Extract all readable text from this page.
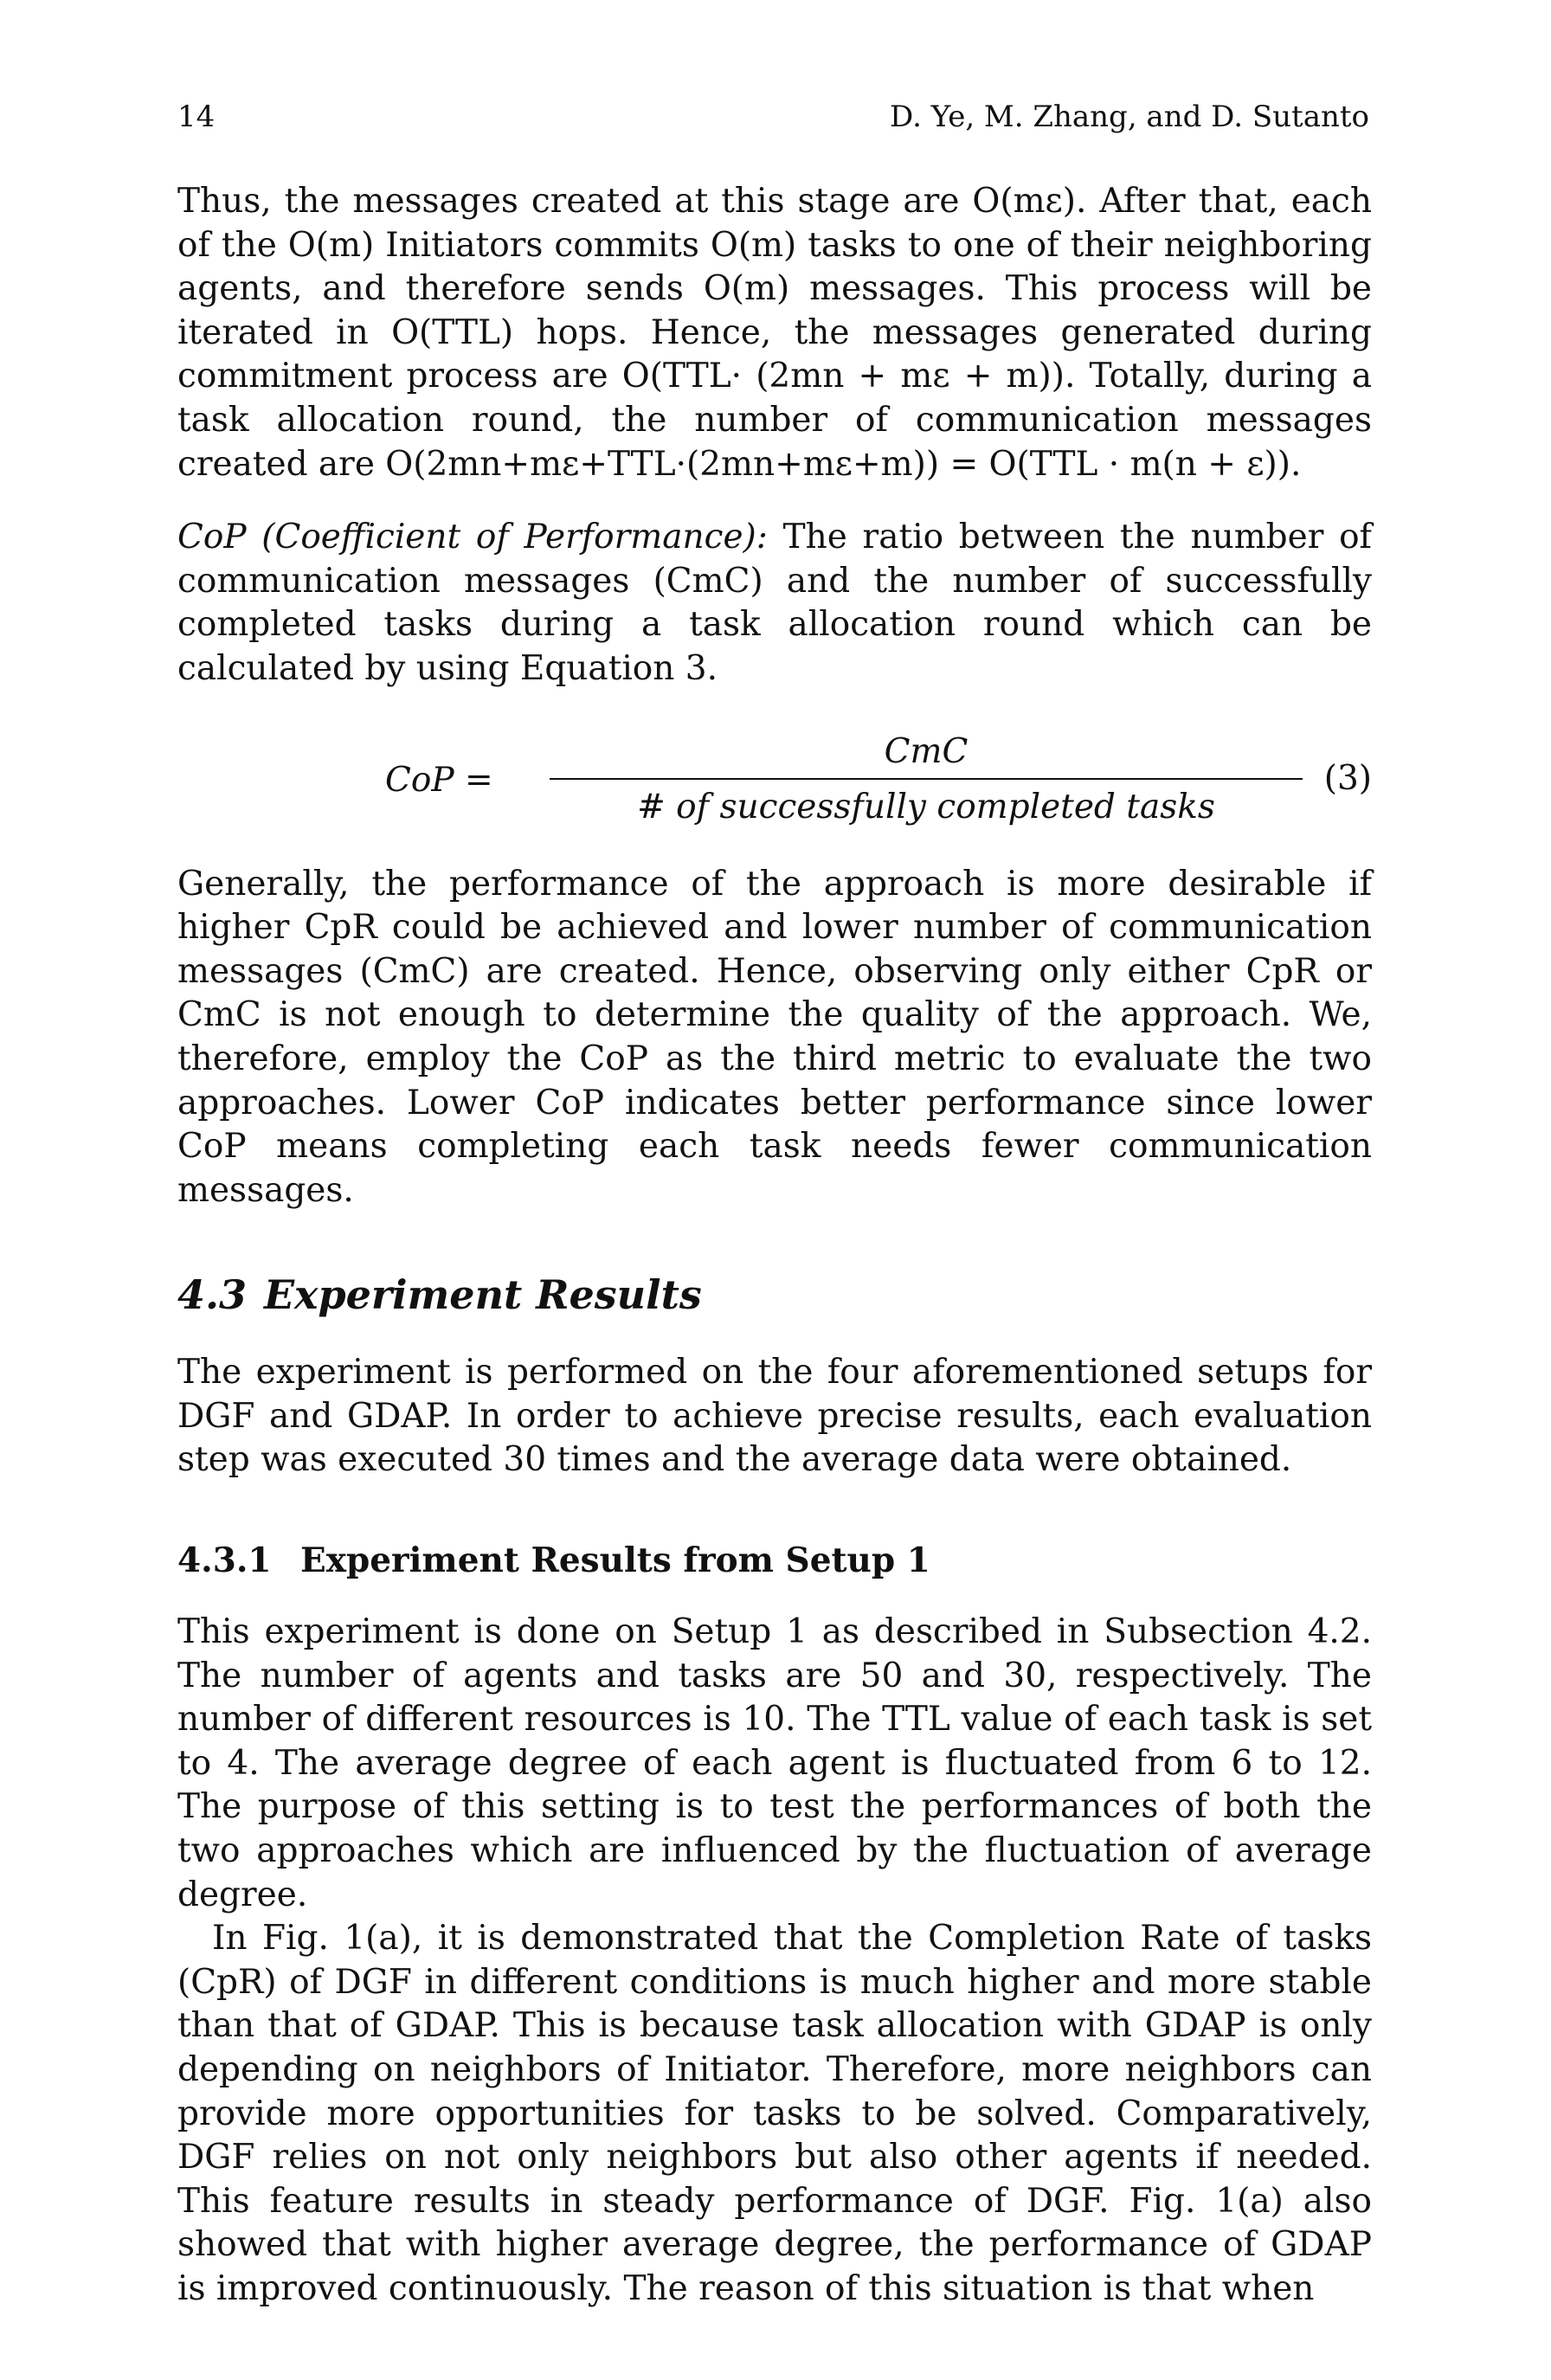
14	D. Ye, M. Zhang, and D. Sutanto

Thus, the messages created at this stage are O(mε). After that, each of the O(m) Initiators commits O(m) tasks to one of their neighboring agents, and therefore sends O(m) messages. This process will be iterated in O(TTL) hops. Hence, the messages generated during commitment process are O(TTL· (2mn + mε + m)). Totally, during a task allocation round, the number of communication messages created are O(2mn+mε+TTL·(2mn+mε+m)) = O(TTL · m(n + ε)).

CoP (Coefficient of Performance): The ratio between the number of communication messages (CmC) and the number of successfully completed tasks during a task allocation round which can be calculated by using Equation 3.

CoP =
CmC
# of successfully completed tasks
(3)

Generally, the performance of the approach is more desirable if higher CpR could be achieved and lower number of communication messages (CmC) are created. Hence, observing only either CpR or CmC is not enough to determine the quality of the approach. We, therefore, employ the CoP as the third metric to evaluate the two approaches. Lower CoP indicates better performance since lower CoP means completing each task needs fewer communication messages.

4.3 Experiment Results

The experiment is performed on the four aforementioned setups for DGF and GDAP. In order to achieve precise results, each evaluation step was executed 30 times and the average data were obtained.

4.3.1 Experiment Results from Setup 1

This experiment is done on Setup 1 as described in Subsection 4.2. The number of agents and tasks are 50 and 30, respectively. The number of different resources is 10. The TTL value of each task is set to 4. The average degree of each agent is fluctuated from 6 to 12. The purpose of this setting is to test the performances of both the two approaches which are influenced by the fluctuation of average degree.

In Fig. 1(a), it is demonstrated that the Completion Rate of tasks (CpR) of DGF in different conditions is much higher and more stable than that of GDAP. This is because task allocation with GDAP is only depending on neighbors of Initiator. Therefore, more neighbors can provide more opportunities for tasks to be solved. Comparatively, DGF relies on not only neighbors but also other agents if needed. This feature results in steady performance of DGF. Fig. 1(a) also showed that with higher average degree, the performance of GDAP is improved continuously. The reason of this situation is that when
